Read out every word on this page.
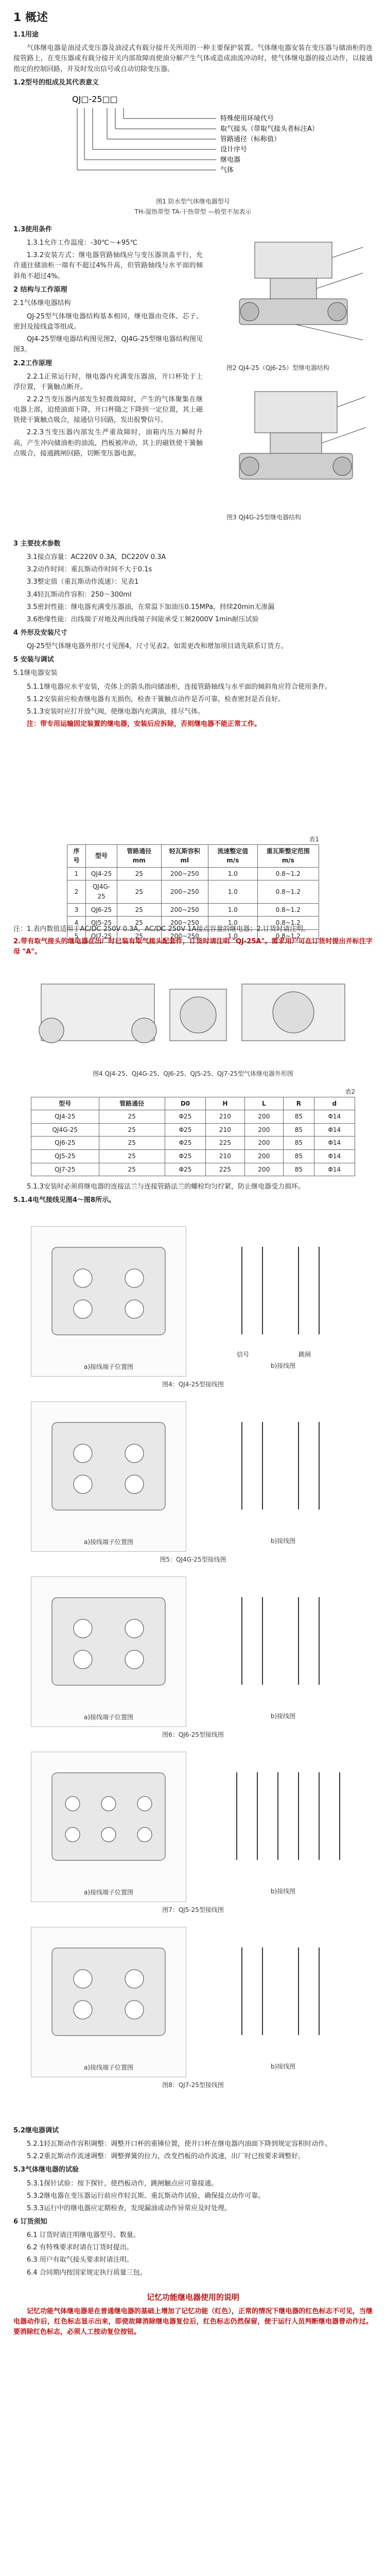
1 概述
1.1用途

气体继电器是油浸式变压器及油浸式有载分接开关所用的一种主要保护装置。气体继电器安装在变压器与储油柜的连接管路上，在变压器或有载分接开关内部故障而使油分解产生气体或造成油流冲动时，使气体继电器的接点动作，以接通指定的控制回路，并及时发出信号或自动切除变压器。

1.2型号的组成及其代表意义
QJ□-25□□
特殊使用环境代号
取气接头（带取气接头者标注A）
管路通径（标称值）
设计序号
继电器
气体
图1 防水型气体继电器型号
TH-湿热带型 TA-干热带型 —般型不加表示
1.3使用条件

1.3.1允许工作温度：-30℃～+95℃

1.3.2安装方式：继电器管路轴线应与变压器顶盖平行，允许通往储油柜一端有不超过4%升高，但管路轴线与水平面的倾斜角不超过4%。

2 结构与工作原理
2.1气体继电器结构

QJ-25型气体继电器结构基本相同，继电器由壳体、芯子、密封及接线盒等组成。

QJ4-25型继电器结构图见图2，QJ4G-25型继电器结构图见图3。

2.2工作原理

2.2.1正常运行时，继电器内充满变压器油，开口杯处于上浮位置，干簧触点断开。

2.2.2当变压器内部发生轻微故障时，产生的气体聚集在继电器上部，迫使油面下降，开口杯随之下降到一定位置，其上磁铁使干簧触点吸合，接通信号回路，发出报警信号。

2.2.3当变压器内部发生严重故障时，油箱内压力瞬时升高，产生冲向储油柜的油流，挡板被冲动，其上的磁铁使干簧触点吸合，接通跳闸回路，切断变压器电源。

图2 QJ4-25（QJ6-25）型继电器结构
图3 QJ4G-25型继电器结构
3 主要技术参数

3.1接点容量：AC220V 0.3A，DC220V 0.3A

3.2动作时间：重瓦斯动作时间不大于0.1s

3.3整定值（重瓦斯动作流速）：见表1

3.4轻瓦斯动作容积：250～300ml

3.5密封性能：继电器充满变压器油，在常温下加油压0.15MPa，持续20min无渗漏

3.6绝缘性能：出线端子对地及两出线端子间能承受工频2000V 1min耐压试验

4 外形及安装尺寸

QJ-25型气体继电器外形尺寸见图4，尺寸见表2。如需更改和增加项目请先联系订货方。

5 安装与调试
5.1继电器安装

5.1.1继电器应水平安装，壳体上的箭头指向储油柜，连接管路轴线与水平面的倾斜角应符合使用条件。

5.1.2安装前应检查继电器有无损伤，检查干簧触点动作是否可靠，检查密封是否良好。

5.1.3安装时应打开放气阀，使继电器内充满油，排尽气体。

注：带专用运输固定装置的继电器，安装后应拆除，否则继电器不能正常工作。

表1
序号	型号	管路通径 mm	轻瓦斯容积 ml	流速整定值 m/s	重瓦斯整定范围 m/s
1	QJ4-25	25	200~250	1.0	0.8~1.2
2	QJ4G-25	25	200~250	1.0	0.8~1.2
3	QJ6-25	25	200~250	1.0	0.8~1.2
4	QJ5-25	25	200~250	1.0	0.8~1.2
5	QJ7-25	25	200~250	1.0	0.8~1.2

注：1.表内数值适用于AC/DC 250V 0.3A，AC/DC 250V 1A接点容量的继电器；2.订货时请注明。

2.带有取气接头的继电器在出厂时已装有取气接头配套件，订货时请注明 "QJ-25A"。需求用户可在订货时提出并标注字母 "A"。

图4 QJ4-25、QJ4G-25、QJ6-25、QJ5-25、QJ7-25型气体继电器外形图
表2
型号	管路通径	D0	H	L	R	d
QJ4-25	25	Φ25	210	200	85	Φ14
QJ4G-25	25	Φ25	210	200	85	Φ14
QJ6-25	25	Φ25	225	200	85	Φ14
QJ5-25	25	Φ25	210	200	85	Φ14
QJ7-25	25	Φ25	225	200	85	Φ14

5.1.3安装时必须将继电器的连接法兰与连接管路法兰的螺栓均匀拧紧，防止继电器受力损坏。

5.1.4电气接线见图4～图8所示。
a)接线端子位置图
信号	跳闸
b)接线图
图4：QJ4-25型接线图
a)接线端子位置图	b)接线图
图5：QJ4G-25型接线图
a)接线端子位置图	b)接线图
图6：QJ6-25型接线图
a)接线端子位置图	b)接线图
图7：QJ5-25型接线图
a)接线端子位置图	b)接线图
图8：QJ7-25型接线图
5.2继电器调试

5.2.1轻瓦斯动作容积调整：调整开口杯的重锤位置，使开口杯在继电器内油面下降到规定容积时动作。

5.2.2重瓦斯动作流速调整：调整弹簧的拉力，改变挡板的动作流速，出厂时已按要求调整好。

5.3气体继电器的试验

5.3.1探针试验：按下探针，使挡板动作，跳闸触点应可靠接通。

5.3.2继电器在变压器运行前应作轻瓦斯、重瓦斯动作试验，确保接点动作可靠。

5.3.3运行中的继电器应定期检查，发现漏油或动作异常应及时处理。

6 订货须知

6.1 订货时请注明继电器型号、数量。

6.2 有特殊要求时请在订货时提出。

6.3 用户有取气接头要求时请注明。

6.4 合同期内按国家规定执行质量三包。

记忆功能继电器使用的说明

记忆功能气体继电器是在普通继电器的基础上增加了记忆功能（红色），正常的情况下继电器的红色标志不可见，当继电器动作后，红色标志显示出来，即使故障消除继电器复位后，红色标志仍然保留，便于运行人员判断继电器曾动作过。要消除红色标志，必须人工按动复位按钮。
